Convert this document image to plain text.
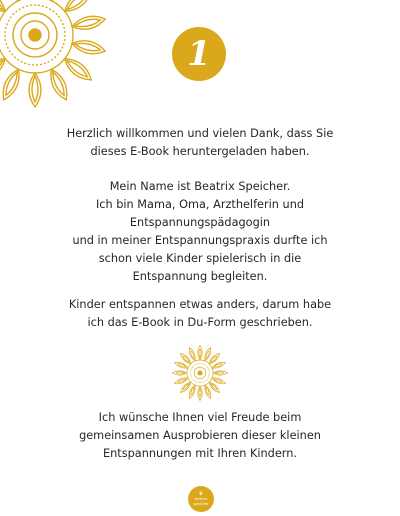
1

Herzlich willkommen und vielen Dank, dass Sie
dieses E-Book heruntergeladen haben.

Mein Name ist Beatrix Speicher.
Ich bin Mama, Oma, Arzthelferin und
Entspannungspädagogin
und in meiner Entspannungspraxis durfte ich
schon viele Kinder spielerisch in die
Entspannung begleiten.

Kinder entspannen etwas anders, darum habe
ich das E-Book in Du-Form geschrieben.

Ich wünsche Ihnen viel Freude beim
gemeinsamen Ausprobieren dieser kleinen
Entspannungen mit Ihren Kindern.

♛
beatrix
speicher
